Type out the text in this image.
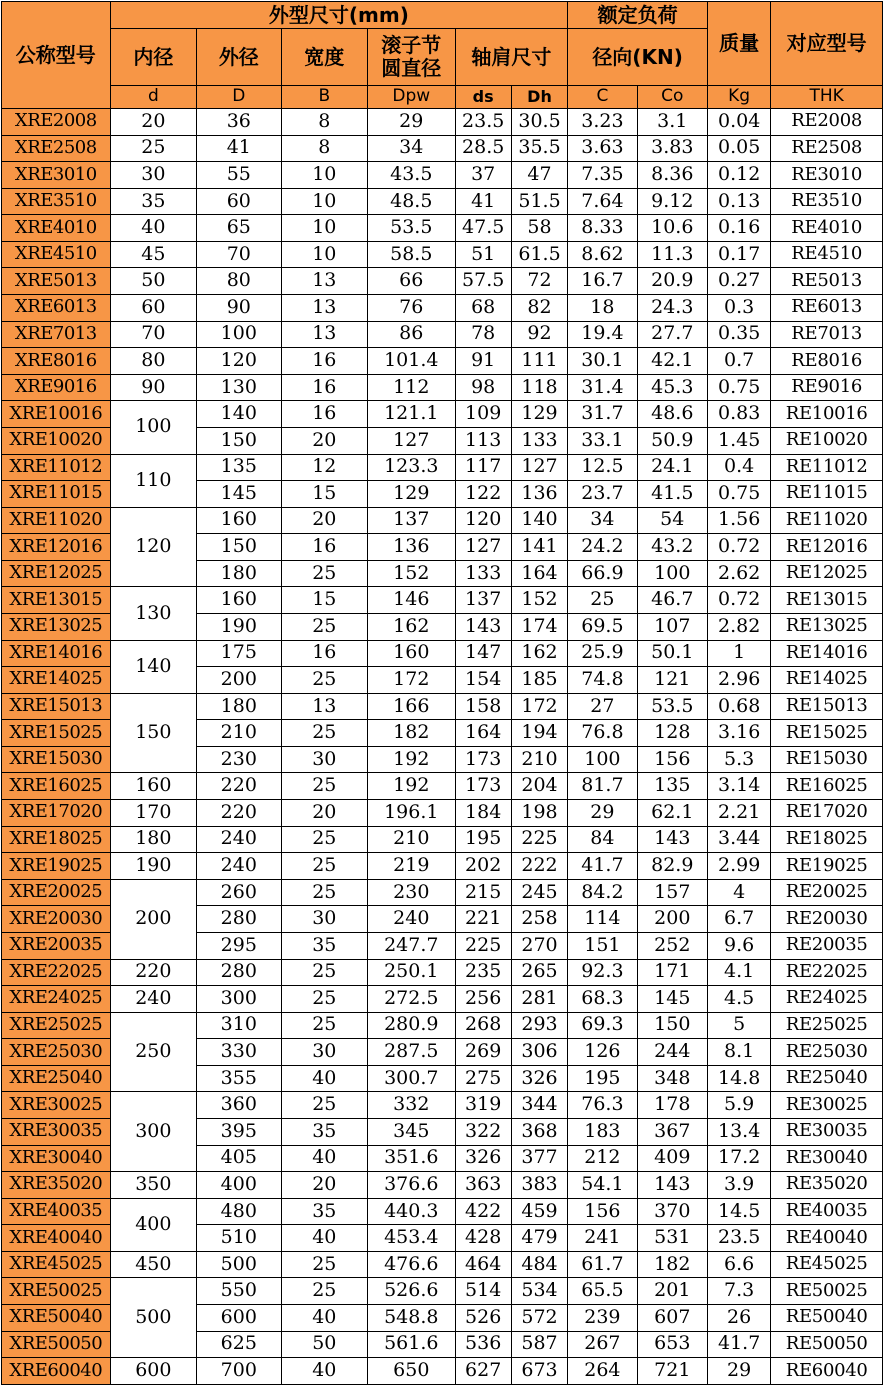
公称型号	外型尺寸(mm)						额定负荷		质量	对应型号
	内径	外径	宽度	滚子节
圆直径	轴肩尺寸		径向(KN)			
	d	D	B	Dpw	ds	Dh	C	Co	Kg	THK
XRE2008	20	36	8	29	23.5	30.5	3.23	3.1	0.04	RE2008
XRE2508	25	41	8	34	28.5	35.5	3.63	3.83	0.05	RE2508
XRE3010	30	55	10	43.5	37	47	7.35	8.36	0.12	RE3010
XRE3510	35	60	10	48.5	41	51.5	7.64	9.12	0.13	RE3510
XRE4010	40	65	10	53.5	47.5	58	8.33	10.6	0.16	RE4010
XRE4510	45	70	10	58.5	51	61.5	8.62	11.3	0.17	RE4510
XRE5013	50	80	13	66	57.5	72	16.7	20.9	0.27	RE5013
XRE6013	60	90	13	76	68	82	18	24.3	0.3	RE6013
XRE7013	70	100	13	86	78	92	19.4	27.7	0.35	RE7013
XRE8016	80	120	16	101.4	91	111	30.1	42.1	0.7	RE8016
XRE9016	90	130	16	112	98	118	31.4	45.3	0.75	RE9016
XRE10016	100	140	16	121.1	109	129	31.7	48.6	0.83	RE10016
XRE10020		150	20	127	113	133	33.1	50.9	1.45	RE10020
XRE11012	110	135	12	123.3	117	127	12.5	24.1	0.4	RE11012
XRE11015		145	15	129	122	136	23.7	41.5	0.75	RE11015
XRE11020	120	160	20	137	120	140	34	54	1.56	RE11020
XRE12016		150	16	136	127	141	24.2	43.2	0.72	RE12016
XRE12025		180	25	152	133	164	66.9	100	2.62	RE12025
XRE13015	130	160	15	146	137	152	25	46.7	0.72	RE13015
XRE13025		190	25	162	143	174	69.5	107	2.82	RE13025
XRE14016	140	175	16	160	147	162	25.9	50.1	1	RE14016
XRE14025		200	25	172	154	185	74.8	121	2.96	RE14025
XRE15013	150	180	13	166	158	172	27	53.5	0.68	RE15013
XRE15025		210	25	182	164	194	76.8	128	3.16	RE15025
XRE15030		230	30	192	173	210	100	156	5.3	RE15030
XRE16025	160	220	25	192	173	204	81.7	135	3.14	RE16025
XRE17020	170	220	20	196.1	184	198	29	62.1	2.21	RE17020
XRE18025	180	240	25	210	195	225	84	143	3.44	RE18025
XRE19025	190	240	25	219	202	222	41.7	82.9	2.99	RE19025
XRE20025	200	260	25	230	215	245	84.2	157	4	RE20025
XRE20030		280	30	240	221	258	114	200	6.7	RE20030
XRE20035		295	35	247.7	225	270	151	252	9.6	RE20035
XRE22025	220	280	25	250.1	235	265	92.3	171	4.1	RE22025
XRE24025	240	300	25	272.5	256	281	68.3	145	4.5	RE24025
XRE25025	250	310	25	280.9	268	293	69.3	150	5	RE25025
XRE25030		330	30	287.5	269	306	126	244	8.1	RE25030
XRE25040		355	40	300.7	275	326	195	348	14.8	RE25040
XRE30025	300	360	25	332	319	344	76.3	178	5.9	RE30025
XRE30035		395	35	345	322	368	183	367	13.4	RE30035
XRE30040		405	40	351.6	326	377	212	409	17.2	RE30040
XRE35020	350	400	20	376.6	363	383	54.1	143	3.9	RE35020
XRE40035	400	480	35	440.3	422	459	156	370	14.5	RE40035
XRE40040		510	40	453.4	428	479	241	531	23.5	RE40040
XRE45025	450	500	25	476.6	464	484	61.7	182	6.6	RE45025
XRE50025	500	550	25	526.6	514	534	65.5	201	7.3	RE50025
XRE50040		600	40	548.8	526	572	239	607	26	RE50040
XRE50050		625	50	561.6	536	587	267	653	41.7	RE50050
XRE60040	600	700	40	650	627	673	264	721	29	RE60040
